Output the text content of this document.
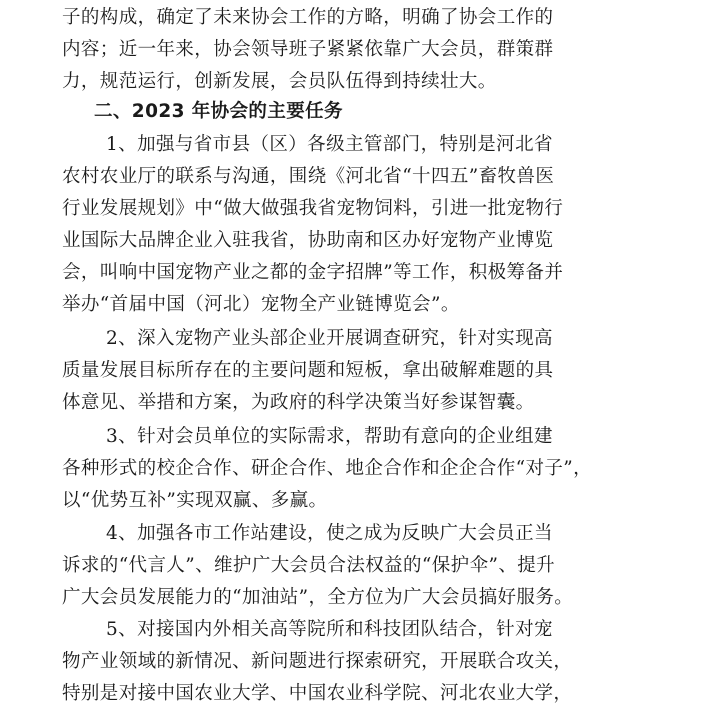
子的构成，确定了未来协会工作的方略，明确了协会工作的
内容；近一年来，协会领导班子紧紧依靠广大会员，群策群
力，规范运行，创新发展，会员队伍得到持续壮大。
二、2023 年协会的主要任务
1、加强与省市县（区）各级主管部门，特别是河北省
农村农业厅的联系与沟通，围绕《河北省“十四五”畜牧兽医
行业发展规划》中“做大做强我省宠物饲料，引进一批宠物行
业国际大品牌企业入驻我省，协助南和区办好宠物产业博览
会，叫响中国宠物产业之都的金字招牌”等工作，积极筹备并
举办“首届中国（河北）宠物全产业链博览会”。
2、深入宠物产业头部企业开展调查研究，针对实现高
质量发展目标所存在的主要问题和短板，拿出破解难题的具
体意见、举措和方案，为政府的科学决策当好参谋智囊。
3、针对会员单位的实际需求，帮助有意向的企业组建
各种形式的校企合作、研企合作、地企合作和企企合作“对子”，
以“优势互补”实现双赢、多赢。
4、加强各市工作站建设，使之成为反映广大会员正当
诉求的“代言人”、维护广大会员合法权益的“保护伞”、提升
广大会员发展能力的“加油站”，全方位为广大会员搞好服务。
5、对接国内外相关高等院所和科技团队结合，针对宠
物产业领域的新情况、新问题进行探索研究，开展联合攻关，
特别是对接中国农业大学、中国农业科学院、河北农业大学，
